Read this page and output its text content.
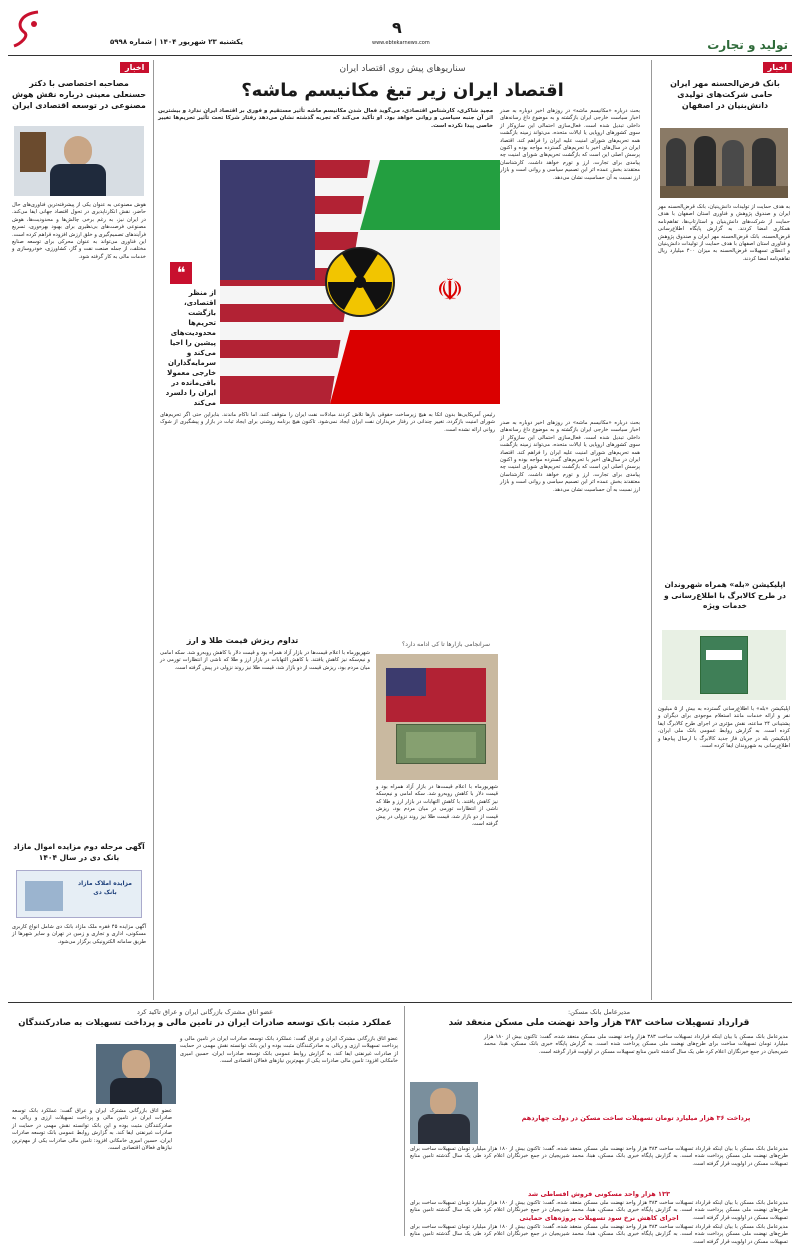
یکشنبه ۲۳ شهریور ۱۴۰۴ | شماره ۵۹۹۸
۹
www.ebtekarnews.com	تولید و تجارت
اخبار
بانک قرض‌الحسنه مهر ایران حامی شرکت‌های تولیدی دانش‌بنیان در اصفهان
به هدف حمایت از تولیدات دانش‌بنیان، بانک قرض‌الحسنه مهر ایران و صندوق پژوهش و فناوری استان اصفهان با هدف حمایت از شرکت‌های دانش‌بنیان و استارتاپ‌ها، تفاهم‌نامه همکاری امضا کردند. به گزارش پایگاه اطلاع‌رسانی قرض‌الحسنه، بانک قرض‌الحسنه مهر ایران و صندوق پژوهش و فناوری استان اصفهان با هدف حمایت از تولیدات دانش‌بنیان و اعطای تسهیلات قرض‌الحسنه به میزان ۴۰۰ میلیارد ریال تفاهم‌نامه امضا کردند.
اپلیکیشن «بله» همراه شهروندان در طرح کالابرگ با اطلاع‌رسانی و خدمات ویژه
اپلیکیشن «بله» با اطلاع‌رسانی گسترده به بیش از ۵ میلیون نفر و ارائه خدمات مانند استعلام موجودی برای دیگران و پشتیبانی ۲۴ ساعته، نقش مؤثری در اجرای طرح کالابرگ ایفا کرده است. به گزارش روابط عمومی بانک ملی ایران، اپلیکیشن بله در جریان فاز جدید کالابرگ با ارسال پیام‌ها و اطلاع‌رسانی به شهروندان ایفا کرده است.
سناریوهای پیش روی اقتصاد ایران
اقتصاد ایران زیر تیغ مکانیسم ماشه؟
مجید شاکری، کارشناس اقتصادی، می‌گوید فعال شدن مکانیسم ماشه تأثیر مستقیم و فوری بر اقتصاد ایران ندارد و بیشترین اثر آن جنبه سیاسی و روانی خواهد بود. او تأکید می‌کند که تجربه گذشته نشان می‌دهد رفتار شرکا تحت تأثیر تحریم‌ها تغییر خاصی پیدا نکرده است.
بحث درباره «مکانیسم ماشه» در روزهای اخیر دوباره به صدر اخبار سیاست خارجی ایران بازگشته و به موضوع داغ رسانه‌های داخلی تبدیل شده است. فعال‌سازی احتمالی این سازوکار از سوی کشورهای اروپایی یا ایالات متحده، می‌تواند زمینه بازگشت همه تحریم‌های شورای امنیت علیه ایران را فراهم کند. اقتصاد ایران در سال‌های اخیر با تحریم‌های گسترده مواجه بوده و اکنون پرسش اصلی این است که بازگشت تحریم‌های شورای امنیت چه پیامدی برای تجارت، ارز و تورم خواهد داشت. کارشناسان معتقدند بخش عمده اثر این تصمیم سیاسی و روانی است و بازار ارز نسبت به آن حساسیت نشان می‌دهد.
☫
❝
از منظر اقتصادی، بازگشت تحریم‌ها محدودیت‌های پیشین را احیا می‌کند و سرمایه‌گذاران خارجی معمولا باقی‌مانده در ایران را دلسرد می‌کند
رئیس آمریکایی‌ها بدون اتکا به هیچ زیرساخت حقوقی بارها تلاش کردند مبادلات نفت ایران را متوقف کنند، اما ناکام ماندند. بنابراین حتی اگر تحریم‌های شورای امنیت بازگردد، تغییر چندانی در رفتار خریداران نفت ایران ایجاد نمی‌شود. تاکنون هیچ برنامه روشنی برای ایجاد ثبات در بازار و پیشگیری از شوک روانی ارائه نشده است.
بحث درباره «مکانیسم ماشه» در روزهای اخیر دوباره به صدر اخبار سیاست خارجی ایران بازگشته و به موضوع داغ رسانه‌های داخلی تبدیل شده است. فعال‌سازی احتمالی این سازوکار از سوی کشورهای اروپایی یا ایالات متحده، می‌تواند زمینه بازگشت همه تحریم‌های شورای امنیت علیه ایران را فراهم کند. اقتصاد ایران در سال‌های اخیر با تحریم‌های گسترده مواجه بوده و اکنون پرسش اصلی این است که بازگشت تحریم‌های شورای امنیت چه پیامدی برای تجارت، ارز و تورم خواهد داشت. کارشناسان معتقدند بخش عمده اثر این تصمیم سیاسی و روانی است و بازار ارز نسبت به آن حساسیت نشان می‌دهد.
سرانجامی بازارها تا کی ادامه دارد؟
تداوم ریزش قیمت طلا و ارز
شهریورماه با اعلام قیمت‌ها در بازار آزاد همراه بود و قیمت دلار با کاهش روبه‌رو شد. سکه امامی و نیم‌سکه نیز کاهش یافتند. با کاهش التهابات در بازار ارز و طلا که ناشی از انتظارات تورمی در میان مردم بود، ریزش قیمت از دو بازار شد، قیمت طلا نیز روند نزولی در پیش گرفته است.
شهریورماه با اعلام قیمت‌ها در بازار آزاد همراه بود و قیمت دلار با کاهش روبه‌رو شد. سکه امامی و نیم‌سکه نیز کاهش یافتند. با کاهش التهابات در بازار ارز و طلا که ناشی از انتظارات تورمی در میان مردم بود، ریزش قیمت از دو بازار شد، قیمت طلا نیز روند نزولی در پیش گرفته است.
اخبار
مصاحبه اختصاصی با دکتر حسنعلی معینی درباره نقش هوش مصنوعی در توسعه اقتصادی ایران
هوش مصنوعی به عنوان یکی از پیشرفته‌ترین فناوری‌های حال حاضر، نقش انکارناپذیری در تحول اقتصاد جهانی ایفا می‌کند. در ایران نیز، به رغم برخی چالش‌ها و محدودیت‌ها، هوش مصنوعی فرصت‌های بی‌نظیری برای بهبود بهره‌وری، تسریع فرآیندهای تصمیم‌گیری و خلق ارزش افزوده فراهم کرده است. این فناوری می‌تواند به عنوان محرکی برای توسعه صنایع مختلف، از جمله صنعت نفت و گاز، کشاورزی، خودروسازی و خدمات مالی به کار گرفته شود.
آگهی مرحله دوم مزایده اموال مازاد بانک دی در سال ۱۴۰۴
مزایده املاک مازاد بانک دی
آگهی مزایده ۴۵ فقره ملک مازاد بانک دی شامل انواع کاربری مسکونی، اداری و تجاری و زمین در تهران و سایر شهرها از طریق سامانه الکترونیکی برگزار می‌شود.
مدیرعامل بانک مسکن:
قرارداد تسهیلات ساخت ۳۸۳ هزار واحد نهضت ملی مسکن منعقد شد
مدیرعامل بانک مسکن با بیان اینکه قرارداد تسهیلات ساخت ۳۸۳ هزار واحد نهضت ملی مسکن منعقد شده، گفت: تاکنون بیش از ۱۸۰ هزار میلیارد تومان تسهیلات ساخت برای طرح‌های نهضت ملی مسکن پرداخت شده است. به گزارش پایگاه خبری بانک مسکن، هبنا، محمد شیریجیان در جمع خبرنگاران اعلام کرد طی یک سال گذشته تامین منابع تسهیلات مسکن در اولویت قرار گرفته است.
پرداخت ۳۶ هزار میلیارد تومان تسهیلات ساخت مسکن در دولت چهاردهم
مدیرعامل بانک مسکن با بیان اینکه قرارداد تسهیلات ساخت ۳۸۳ هزار واحد نهضت ملی مسکن منعقد شده، گفت: تاکنون بیش از ۱۸۰ هزار میلیارد تومان تسهیلات ساخت برای طرح‌های نهضت ملی مسکن پرداخت شده است. به گزارش پایگاه خبری بانک مسکن، هبنا، محمد شیریجیان در جمع خبرنگاران اعلام کرد طی یک سال گذشته تامین منابع تسهیلات مسکن در اولویت قرار گرفته است.
۱۳۳ هزار واحد مسکونی فروش اقساطی شد
مدیرعامل بانک مسکن با بیان اینکه قرارداد تسهیلات ساخت ۳۸۳ هزار واحد نهضت ملی مسکن منعقد شده، گفت: تاکنون بیش از ۱۸۰ هزار میلیارد تومان تسهیلات ساخت برای طرح‌های نهضت ملی مسکن پرداخت شده است. به گزارش پایگاه خبری بانک مسکن، هبنا، محمد شیریجیان در جمع خبرنگاران اعلام کرد طی یک سال گذشته تامین منابع تسهیلات مسکن در اولویت قرار گرفته است.
اجرای کاهش نرخ سود تسهیلات پروژه‌های حمایتی
مدیرعامل بانک مسکن با بیان اینکه قرارداد تسهیلات ساخت ۳۸۳ هزار واحد نهضت ملی مسکن منعقد شده، گفت: تاکنون بیش از ۱۸۰ هزار میلیارد تومان تسهیلات ساخت برای طرح‌های نهضت ملی مسکن پرداخت شده است. به گزارش پایگاه خبری بانک مسکن، هبنا، محمد شیریجیان در جمع خبرنگاران اعلام کرد طی یک سال گذشته تامین منابع تسهیلات مسکن در اولویت قرار گرفته است.
عضو اتاق مشترک بازرگانی ایران و عراق تاکید کرد
عملکرد مثبت بانک توسعه صادرات ایران در تامین مالی و پرداخت تسهیلات به صادرکنندگان
عضو اتاق بازرگانی مشترک ایران و عراق گفت: عملکرد بانک توسعه صادرات ایران در تامین مالی و پرداخت تسهیلات ارزی و ریالی به صادرکنندگان مثبت بوده و این بانک توانسته نقش مهمی در حمایت از صادرات غیرنفتی ایفا کند. به گزارش روابط عمومی بانک توسعه صادرات ایران، حسین امیری خامکانی افزود: تامین مالی صادرات یکی از مهم‌ترین نیازهای فعالان اقتصادی است.
عضو اتاق بازرگانی مشترک ایران و عراق گفت: عملکرد بانک توسعه صادرات ایران در تامین مالی و پرداخت تسهیلات ارزی و ریالی به صادرکنندگان مثبت بوده و این بانک توانسته نقش مهمی در حمایت از صادرات غیرنفتی ایفا کند. به گزارش روابط عمومی بانک توسعه صادرات ایران، حسین امیری خامکانی افزود: تامین مالی صادرات یکی از مهم‌ترین نیازهای فعالان اقتصادی است.
